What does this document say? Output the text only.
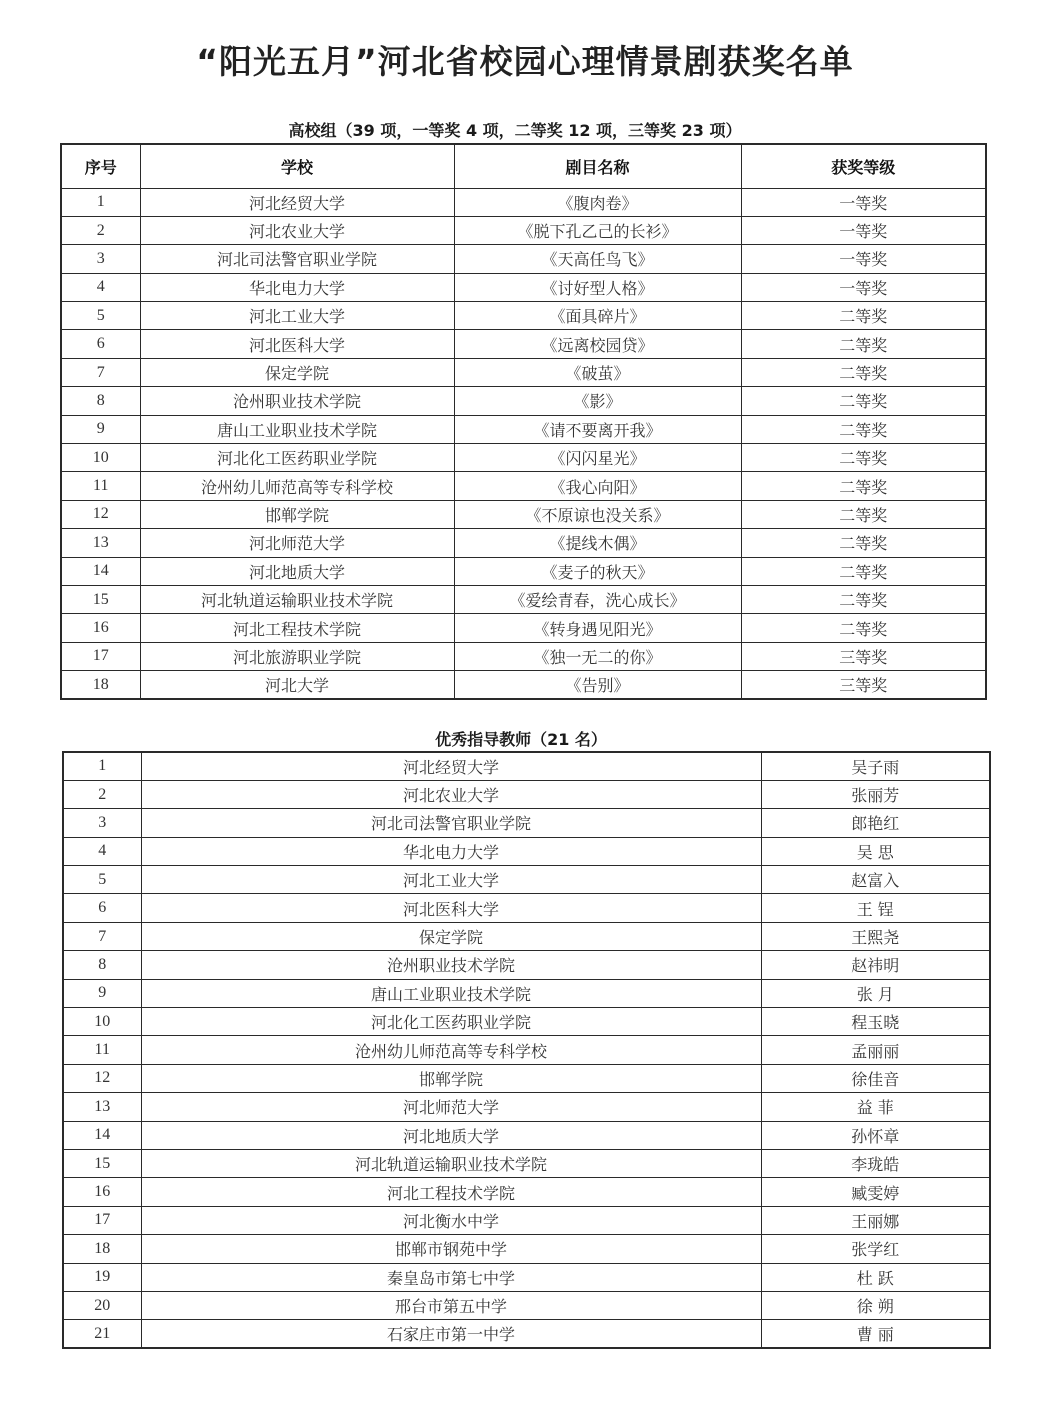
“阳光五月”河北省校园心理情景剧获奖名单
高校组（39 项，一等奖 4 项，二等奖 12 项，三等奖 23 项）
序号	学校	剧目名称	获奖等级
1	河北经贸大学	《腹肉卷》	一等奖
2	河北农业大学	《脱下孔乙己的长衫》	一等奖
3	河北司法警官职业学院	《天高任鸟飞》	一等奖
4	华北电力大学	《讨好型人格》	一等奖
5	河北工业大学	《面具碎片》	二等奖
6	河北医科大学	《远离校园贷》	二等奖
7	保定学院	《破茧》	二等奖
8	沧州职业技术学院	《影》	二等奖
9	唐山工业职业技术学院	《请不要离开我》	二等奖
10	河北化工医药职业学院	《闪闪星光》	二等奖
11	沧州幼儿师范高等专科学校	《我心向阳》	二等奖
12	邯郸学院	《不原谅也没关系》	二等奖
13	河北师范大学	《提线木偶》	二等奖
14	河北地质大学	《麦子的秋天》	二等奖
15	河北轨道运输职业技术学院	《爱绘青春，洗心成长》	二等奖
16	河北工程技术学院	《转身遇见阳光》	二等奖
17	河北旅游职业学院	《独一无二的你》	三等奖
18	河北大学	《告别》	三等奖
优秀指导教师（21 名）
1	河北经贸大学	吴子雨
2	河北农业大学	张丽芳
3	河北司法警官职业学院	郎艳红
4	华北电力大学	吴 思
5	河北工业大学	赵富入
6	河北医科大学	王 锃
7	保定学院	王熙尧
8	沧州职业技术学院	赵祎明
9	唐山工业职业技术学院	张 月
10	河北化工医药职业学院	程玉晓
11	沧州幼儿师范高等专科学校	孟丽丽
12	邯郸学院	徐佳音
13	河北师范大学	益 菲
14	河北地质大学	孙怀章
15	河北轨道运输职业技术学院	李珑皓
16	河北工程技术学院	臧雯婷
17	河北衡水中学	王丽娜
18	邯郸市钢苑中学	张学红
19	秦皇岛市第七中学	杜 跃
20	邢台市第五中学	徐 朔
21	石家庄市第一中学	曹 丽
